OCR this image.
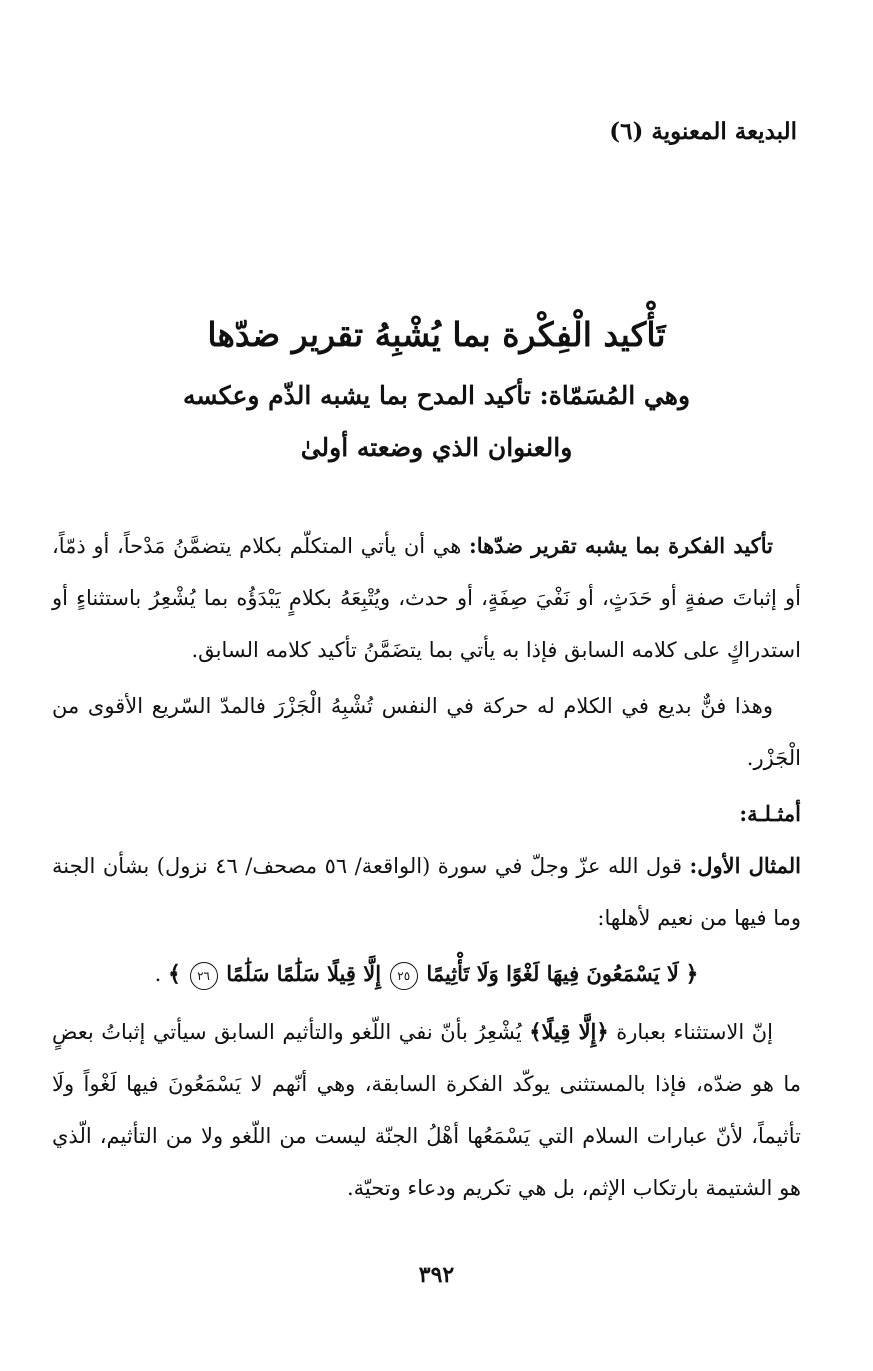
البديعة المعنوية (٦)
تَأْكيد الْفِكْرة بما يُشْبِهُ تقرير ضدّها

وهي المُسَمّاة: تأكيد المدح بما يشبه الذّم وعكسه

والعنوان الذي وضعته أولىٰ

تأكيد الفكرة بما يشبه تقرير ضدّها: هي أن يأتي المتكلّم بكلام يتضمَّنُ مَدْحاً، أو ذمّاً، أو إثباتَ صفةٍ أو حَدَثٍ، أو نَفْيَ صِفَةٍ، أو حدث، ويُتْبِعَهُ بكلامٍ يَبْدَؤُه بما يُشْعِرُ باستثناءٍ أو استدراكٍ على كلامه السابق فإذا به يأتي بما يتضَمَّنُ تأكيد كلامه السابق.

وهذا فنٌّ بديع في الكلام له حركة في النفس تُشْبِهُ الْجَزْرَ فالمدّ السّريع الأقوى من الْجَزْر.

أمثـلـة:

المثال الأول: قول الله عزّ وجلّ في سورة (الواقعة/ ٥٦ مصحف/ ٤٦ نزول) بشأن الجنة وما فيها من نعيم لأهلها:

﴿ لَا يَسْمَعُونَ فِيهَا لَغْوًا وَلَا تَأْثِيمًا ٢٥ إِلَّا قِيلًا سَلَٰمًا سَلَٰمًا ٢٦ ﴾ .

إنّ الاستثناء بعبارة ﴿إِلَّا قِيلًا﴾ يُشْعِرُ بأنّ نفي اللّغو والتأثيم السابق سيأتي إثباتُ بعضٍ ما هو ضدّه، فإذا بالمستثنى يوكّد الفكرة السابقة، وهي أنّهم لا يَسْمَعُونَ فيها لَغْواً ولَا تأثيماً، لأنّ عبارات السلام التي يَسْمَعُها أهْلُ الجنّة ليست من اللّغو ولا من التأثيم، الّذي هو الشتيمة بارتكاب الإثم، بل هي تكريم ودعاء وتحيّة.

٣٩٢
